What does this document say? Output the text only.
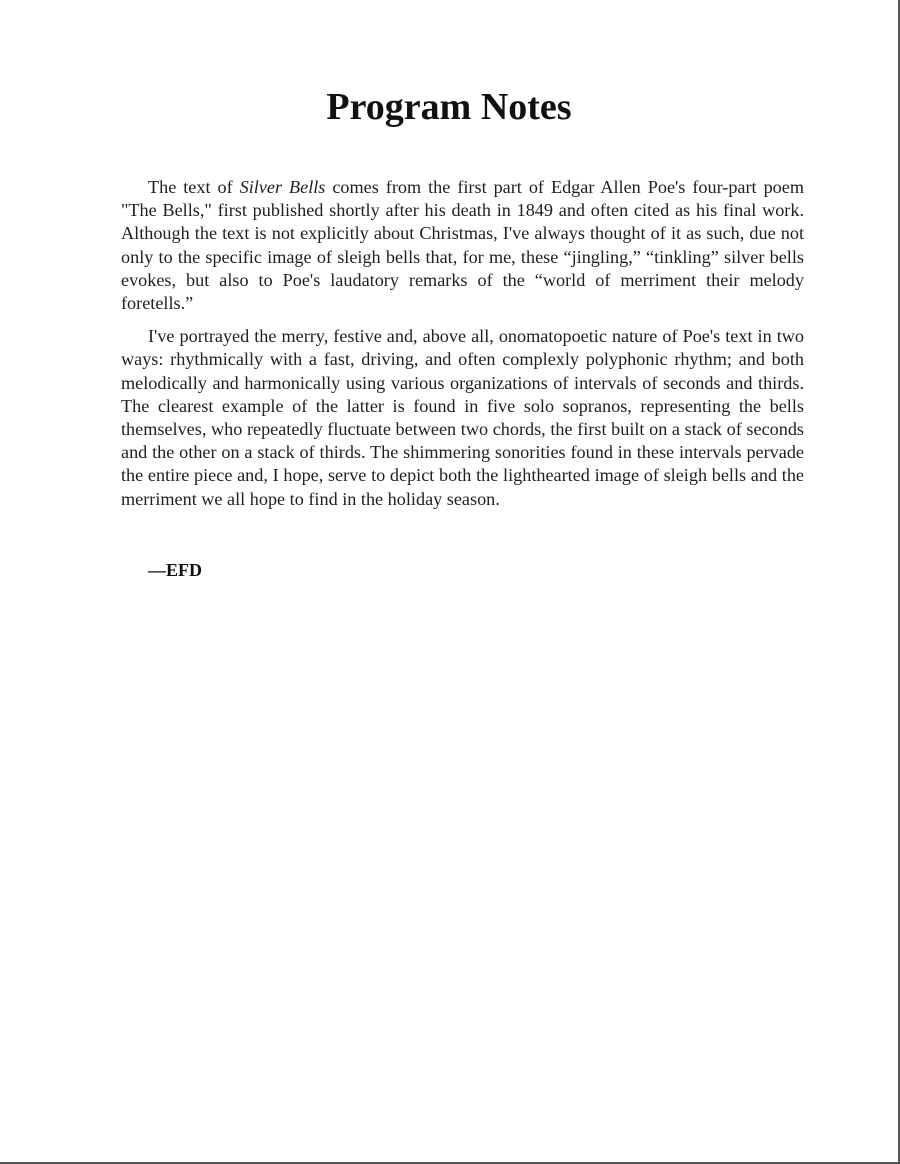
Program Notes

The text of Silver Bells comes from the first part of Edgar Allen Poe's four-part poem "The Bells," first published shortly after his death in 1849 and often cited as his final work. Although the text is not explicitly about Christmas, I've always thought of it as such, due not only to the specific image of sleigh bells that, for me, these “jingling,” “tinkling” silver bells evokes, but also to Poe's laudatory remarks of the “world of merriment their melody foretells.”

I've portrayed the merry, festive and, above all, onomatopoetic nature of Poe's text in two ways: rhythmically with a fast, driving, and often complexly polyphonic rhythm; and both melodically and harmonically using various organizations of intervals of seconds and thirds. The clearest example of the latter is found in five solo sopranos, representing the bells themselves, who repeatedly fluctuate between two chords, the first built on a stack of seconds and the other on a stack of thirds. The shimmering sonorities found in these intervals pervade the entire piece and, I hope, serve to depict both the lighthearted image of sleigh bells and the merriment we all hope to find in the holiday season.

—EFD
